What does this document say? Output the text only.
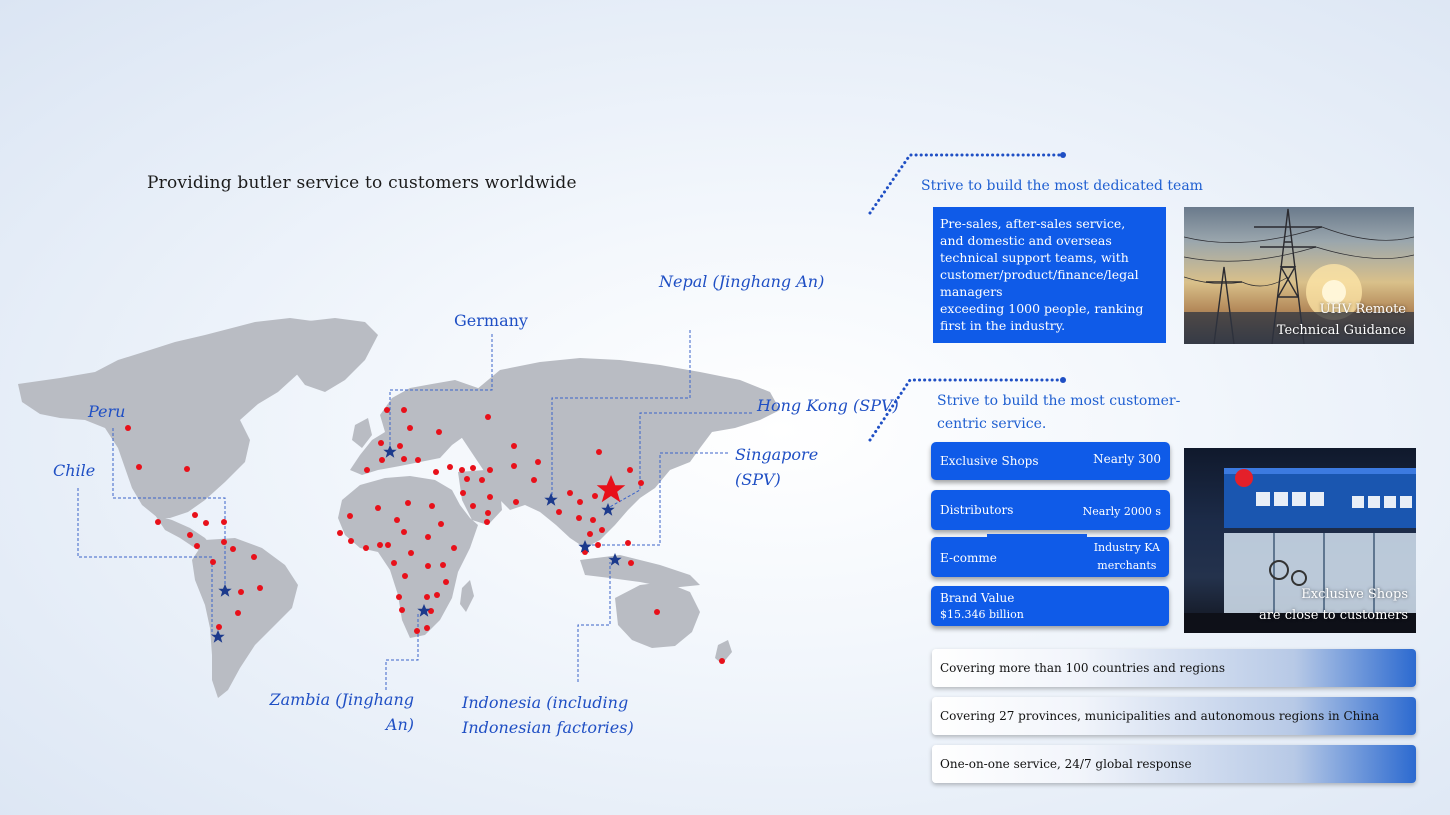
Providing butler service to customers worldwide
Peru
Chile
Germany
Nepal (Jinghang An)
Hong Kong (SPV)
Singapore
(SPV)
Zambia (Jinghang
An)
Indonesia (including
Indonesian factories)
Strive to build the most dedicated team
Pre-sales, after-sales service,
and domestic and overseas
technical support teams, with
customer/product/finance/legal
managers
exceeding 1000 people, ranking
first in the industry.
UHV Remote
Technical Guidance
Strive to build the most customer-
centric service.
Exclusive Shops	Nearly 300
Distributors	Nearly 2000 s
E-comme
Industry KA
merchants
Brand Value
$15.346 billion
Exclusive Shops
are close to customers
Covering more than 100 countries and regions
Covering 27 provinces, municipalities and autonomous regions in China
One-on-one service, 24/7 global response
